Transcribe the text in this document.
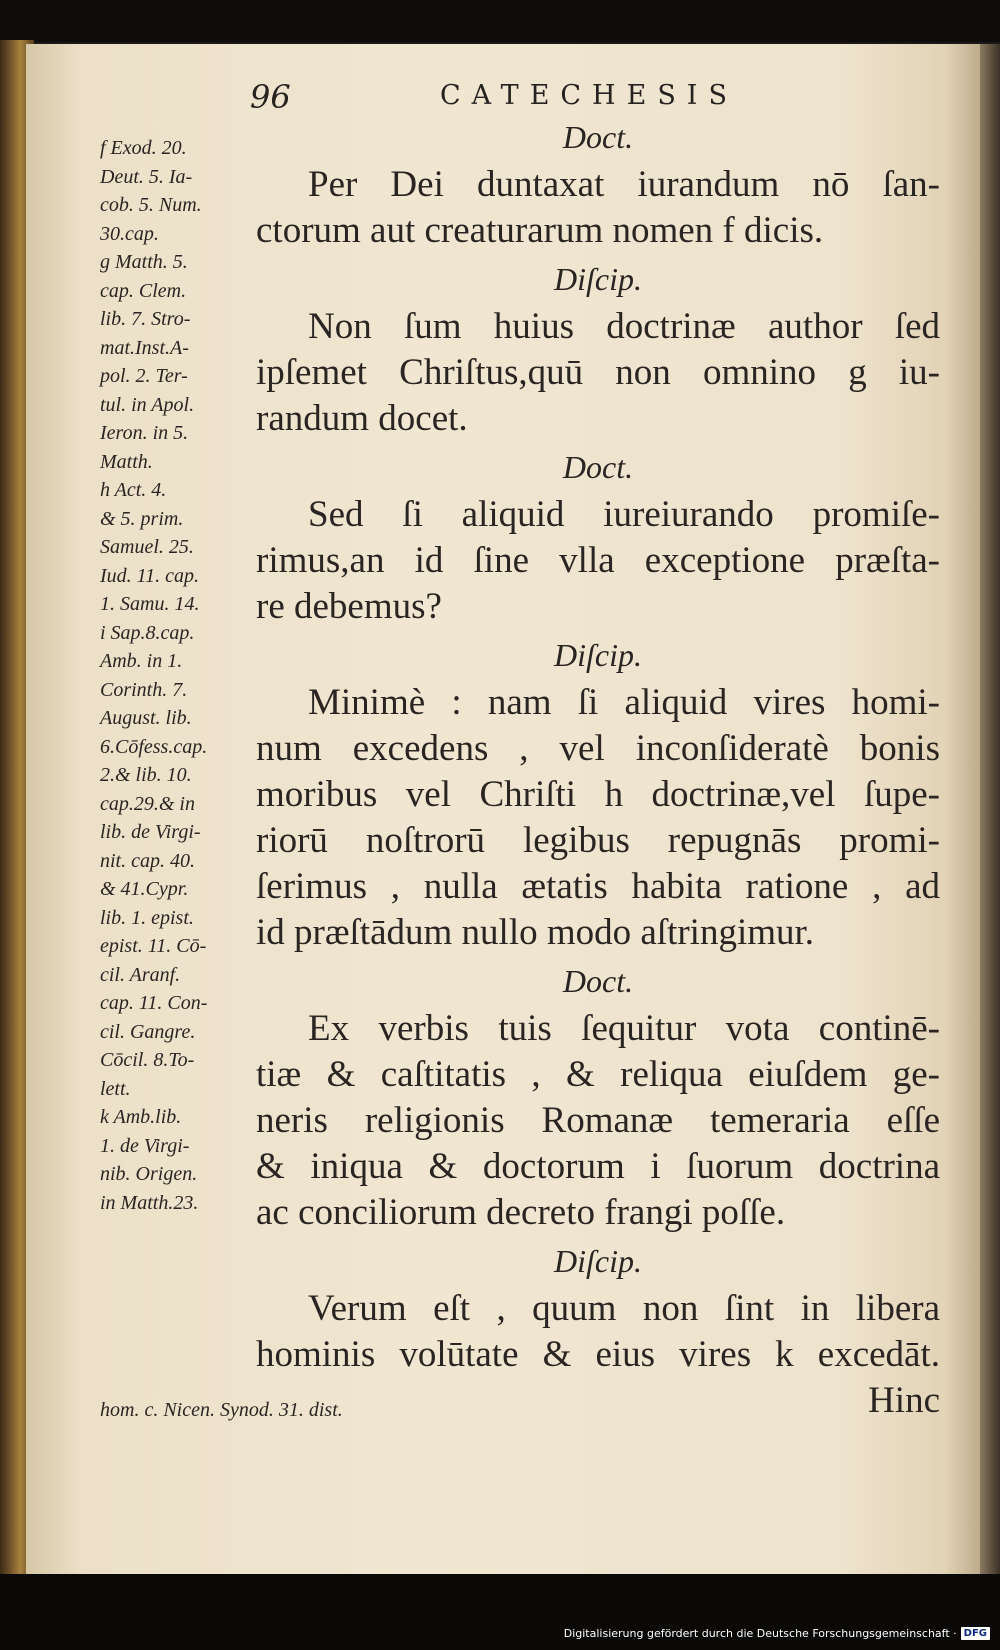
96	CATECHESIS
f Exod. 20.
Deut. 5. Ia-
cob. 5. Num.
30.cap.
g Matth. 5.
cap. Clem.
lib. 7. Stro-
mat.Inst.A-
pol. 2. Ter-
tul. in Apol.
Ieron. in 5.
Matth.
h Act. 4.
& 5. prim.
Samuel. 25.
Iud. 11. cap.
1. Samu. 14.
i Sap.8.cap.
Amb. in 1.
Corinth. 7.
August. lib.
6.Cōfess.cap.
2.& lib. 10.
cap.29.& in
lib. de Virgi-
nit. cap. 40.
& 41.Cypr.
lib. 1. epist.
epist. 11. Cō-
cil. Aranf.
cap. 11. Con-
cil. Gangre.
Cōcil. 8.To-
lett.
k Amb.lib.
1. de Virgi-
nib. Origen.
in Matth.23.
hom. c. Nicen. Synod. 31. dist.
Doct.
Per Dei duntaxat iurandum nō ſan-
ctorum aut creaturarum nomen f dicis.
Diſcip.
Non ſum huius doctrinæ author ſed
ipſemet Chriſtus,quū non omnino g iu-
randum docet.
Doct.
Sed ſi aliquid iureiurando promiſe-
rimus,an id ſine vlla exceptione præſta-
re debemus?
Diſcip.
Minimè : nam ſi aliquid vires homi-
num excedens , vel inconſideratè bonis
moribus vel Chriſti h doctrinæ,vel ſupe-
riorū noſtrorū legibus repugnās promi-
ſerimus , nulla ætatis habita ratione , ad
id præſtādum nullo modo aſtringimur.
Doct.
Ex verbis tuis ſequitur vota continē-
tiæ & caſtitatis , & reliqua eiuſdem ge-
neris religionis Romanæ temeraria eſſe
& iniqua & doctorum i ſuorum doctrina
ac conciliorum decreto frangi poſſe.
Diſcip.
Verum eſt , quum non ſint in libera
hominis volūtate & eius vires k excedāt.
Hinc
Digitalisierung gefördert durch die Deutsche Forschungsgemeinschaft · DFG
